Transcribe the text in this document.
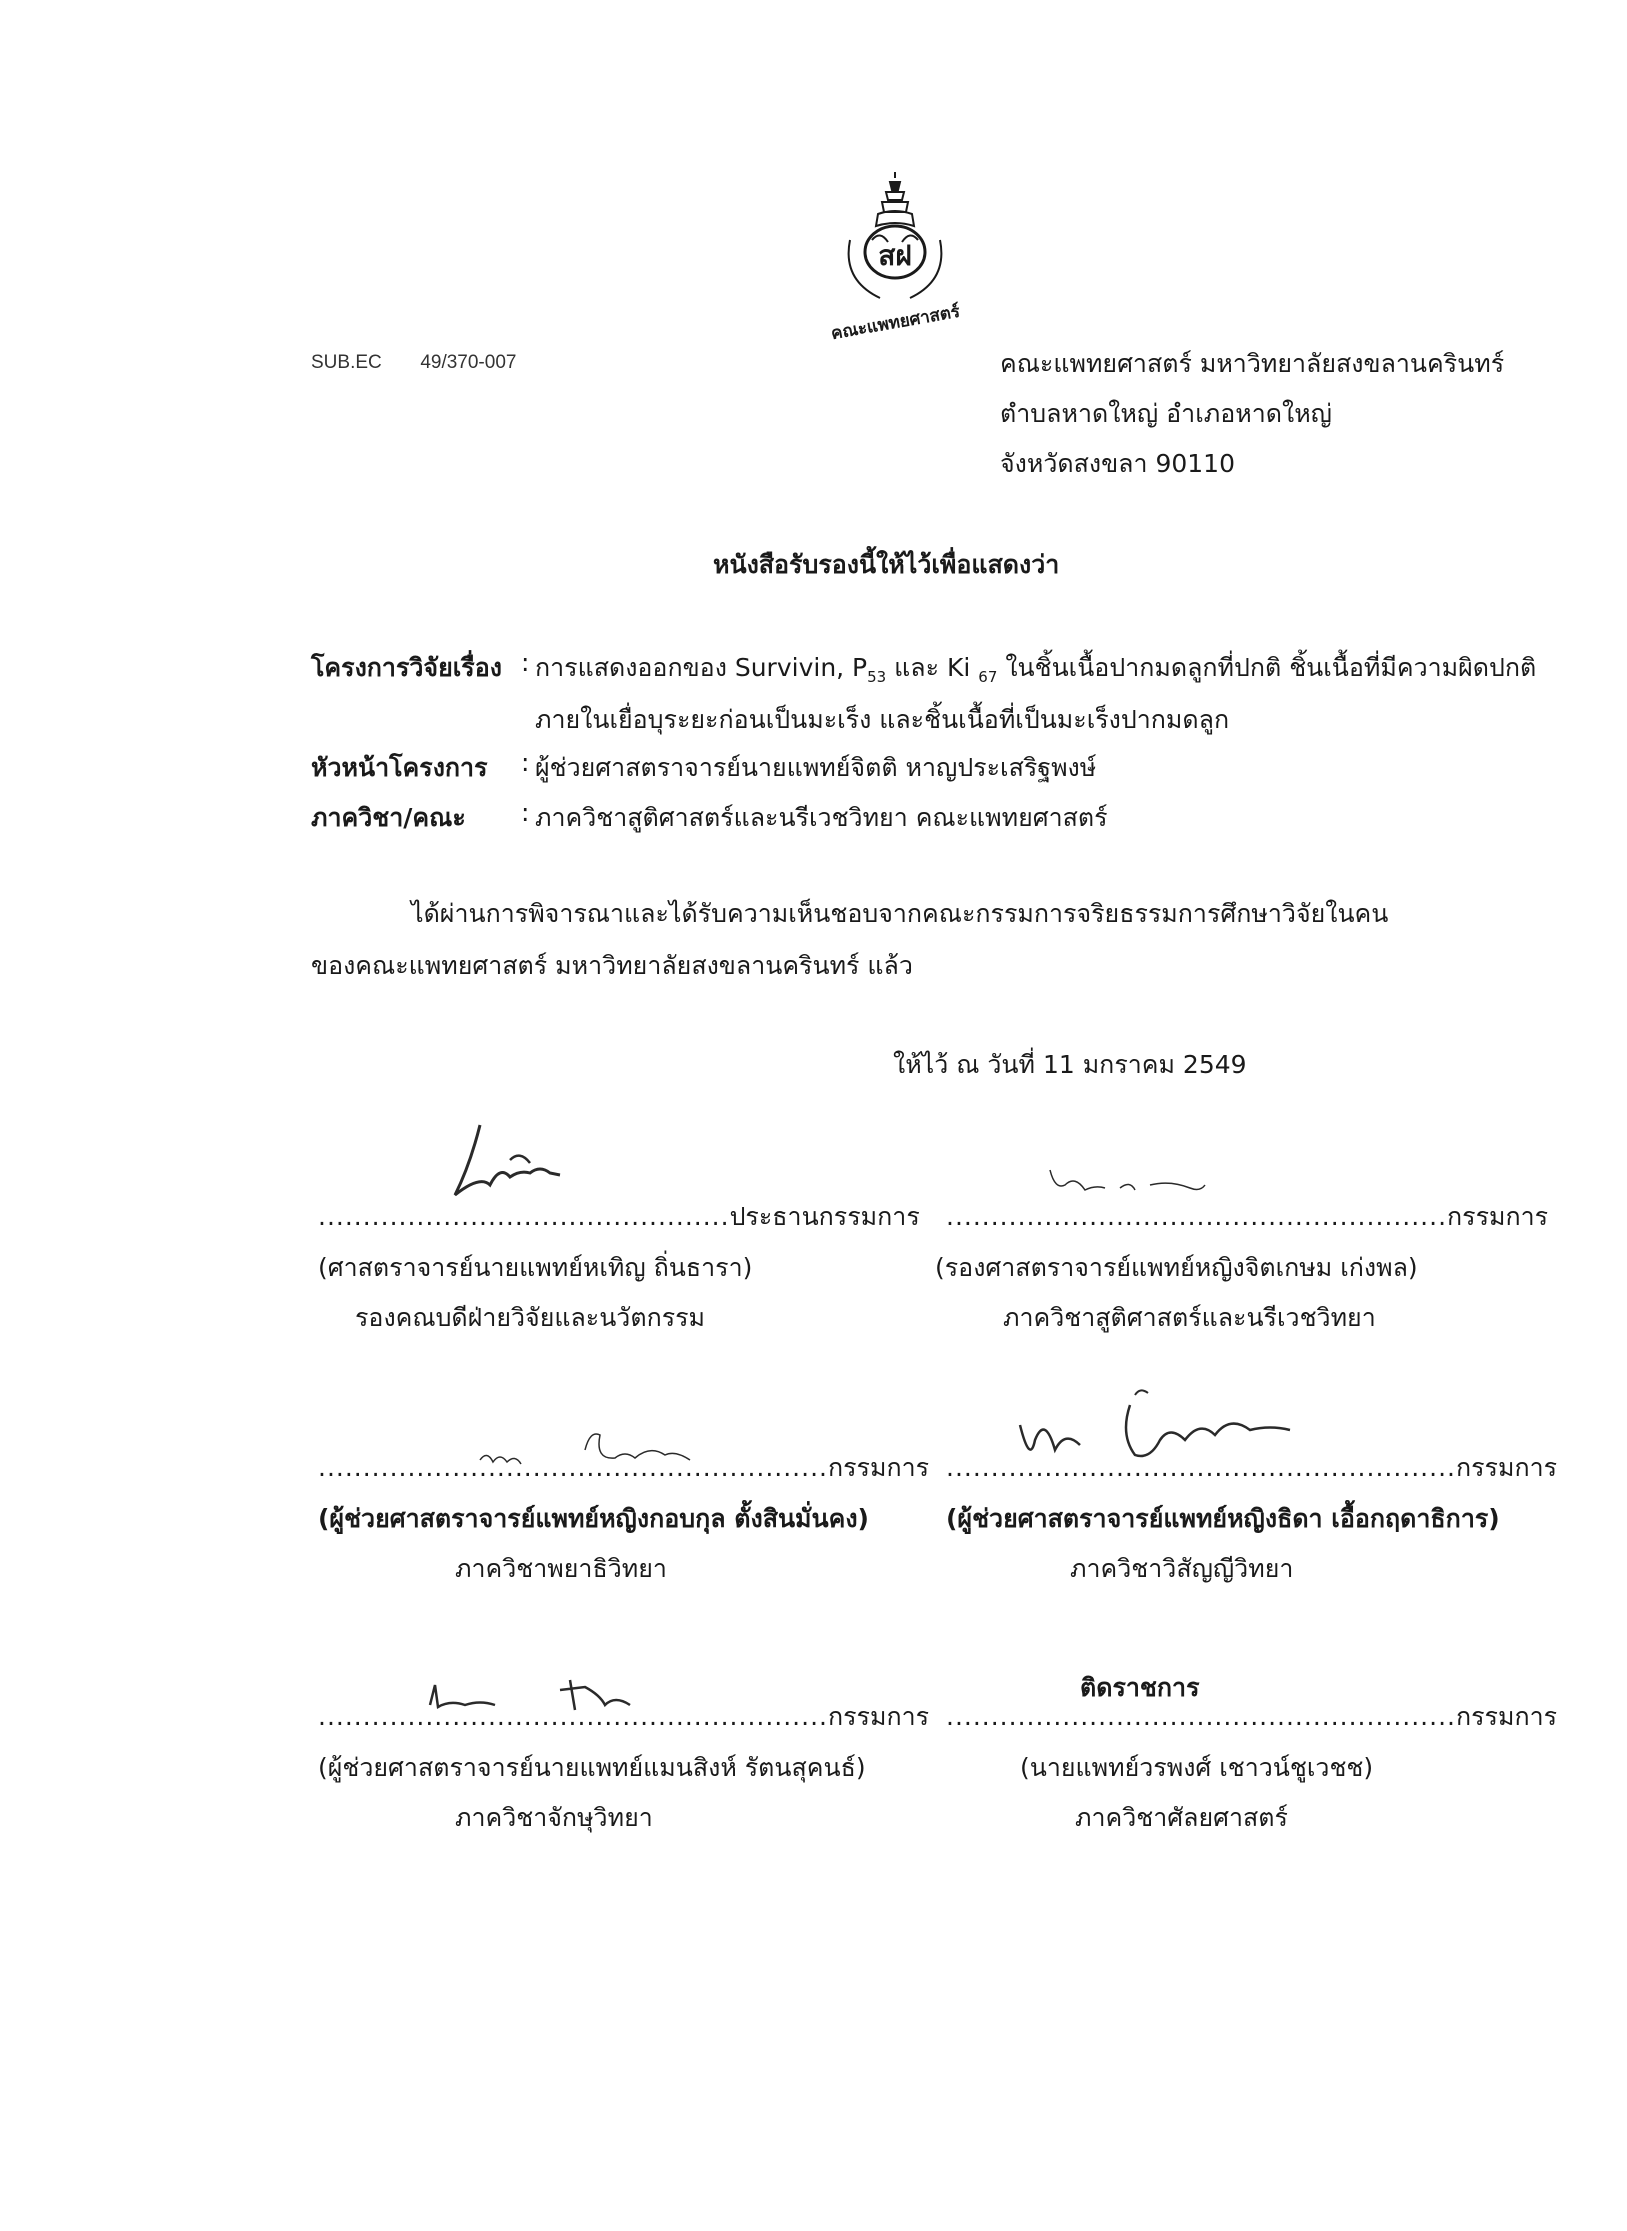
สฝ
คณะแพทยศาสตร์
SUB.EC 49/370-007	คณะแพทยศาสตร์ มหาวิทยาลัยสงขลานครินทร์
ตำบลหาดใหญ่ อำเภอหาดใหญ่
จังหวัดสงขลา 90110
หนังสือรับรองนี้ให้ไว้เพื่อแสดงว่า
โครงการวิจัยเรื่อง : การแสดงออกของ Survivin, $P_{53}$ และ Ki $_{67}$ ในชิ้นเนื้อปากมดลูกที่ปกติ ชิ้นเนื้อที่มีความผิดปกติ
ภายในเยื่อบุระยะก่อนเป็นมะเร็ง และชิ้นเนื้อที่เป็นมะเร็งปากมดลูก
หัวหน้าโครงการ : ผู้ช่วยศาสตราจารย์นายแพทย์จิตติ หาญประเสริฐพงษ์
ภาควิชา/คณะ : ภาควิชาสูติศาสตร์และนรีเวชวิทยา คณะแพทยศาสตร์
ได้ผ่านการพิจารณาและได้รับความเห็นชอบจากคณะกรรมการจริยธรรมการศึกษาวิจัยในคน
ของคณะแพทยศาสตร์ มหาวิทยาลัยสงขลานครินทร์ แล้ว
ให้ไว้ ณ วันที่ 11 มกราคม 2549
..............................................ประธานกรรมการ
(ศาสตราจารย์นายแพทย์หเทิญ ถิ่นธารา)
รองคณบดีฝ่ายวิจัยและนวัตกรรม
........................................................กรรมการ
(รองศาสตราจารย์แพทย์หญิงจิตเกษม เก่งพล)
ภาควิชาสูติศาสตร์และนรีเวชวิทยา
.........................................................กรรมการ
(ผู้ช่วยศาสตราจารย์แพทย์หญิงกอบกุล ตั้งสินมั่นคง)
ภาควิชาพยาธิวิทยา
.........................................................กรรมการ
(ผู้ช่วยศาสตราจารย์แพทย์หญิงธิดา เอื้อกฤดาธิการ)
ภาควิชาวิสัญญีวิทยา
.........................................................กรรมการ
(ผู้ช่วยศาสตราจารย์นายแพทย์แมนสิงห์ รัตนสุคนธ์)
ภาควิชาจักษุวิทยา
ติดราชการ
.........................................................กรรมการ
(นายแพทย์วรพงศ์ เชาวน์ชูเวชช)
ภาควิชาศัลยศาสตร์
